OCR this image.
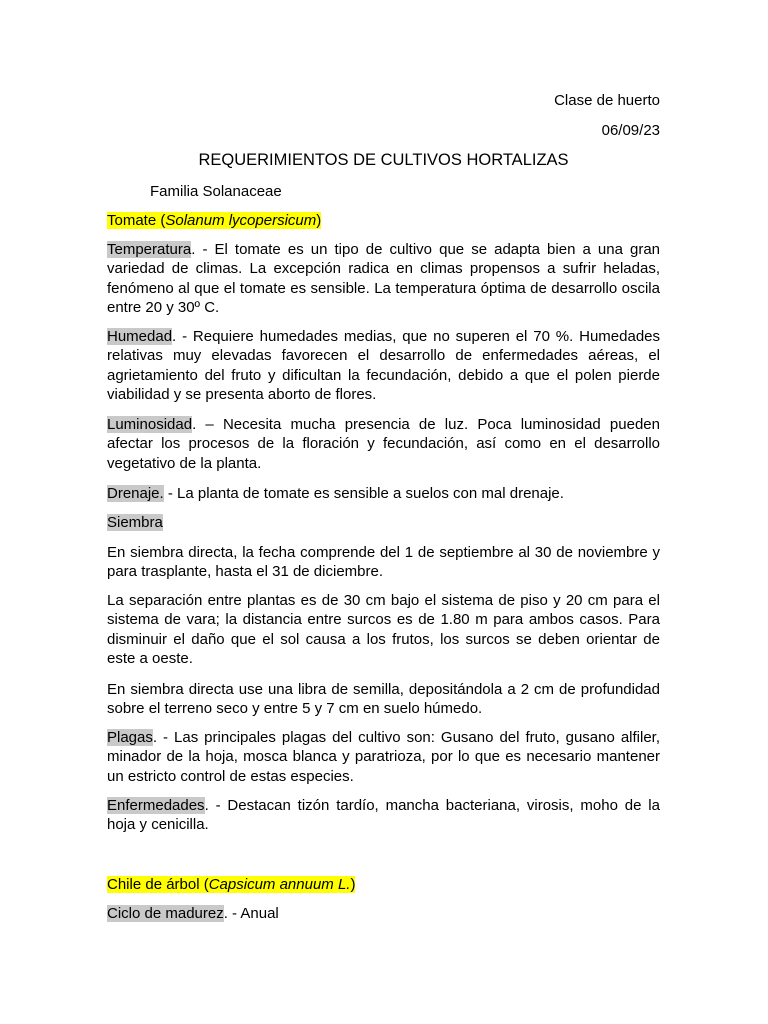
Clase de huerto
06/09/23
REQUERIMIENTOS DE CULTIVOS HORTALIZAS
Familia Solanaceae
Tomate (Solanum lycopersicum)
Temperatura. - El tomate es un tipo de cultivo que se adapta bien a una gran variedad de climas. La excepción radica en climas propensos a sufrir heladas, fenómeno al que el tomate es sensible. La temperatura óptima de desarrollo oscila entre 20 y 30º C.
Humedad. - Requiere humedades medias, que no superen el 70 %. Humedades relativas muy elevadas favorecen el desarrollo de enfermedades aéreas, el agrietamiento del fruto y dificultan la fecundación, debido a que el polen pierde viabilidad y se presenta aborto de flores.
Luminosidad. – Necesita mucha presencia de luz. Poca luminosidad pueden afectar los procesos de la floración y fecundación, así como en el desarrollo vegetativo de la planta.
Drenaje. - La planta de tomate es sensible a suelos con mal drenaje.
Siembra
En siembra directa, la fecha comprende del 1 de septiembre al 30 de noviembre y para trasplante, hasta el 31 de diciembre.
La separación entre plantas es de 30 cm bajo el sistema de piso y 20 cm para el sistema de vara; la distancia entre surcos es de 1.80 m para ambos casos. Para disminuir el daño que el sol causa a los frutos, los surcos se deben orientar de este a oeste.
En siembra directa use una libra de semilla, depositándola a 2 cm de profundidad sobre el terreno seco y entre 5 y 7 cm en suelo húmedo.
Plagas. - Las principales plagas del cultivo son: Gusano del fruto, gusano alfiler, minador de la hoja, mosca blanca y paratrioza, por lo que es necesario mantener un estricto control de estas especies.
Enfermedades. - Destacan tizón tardío, mancha bacteriana, virosis, moho de la hoja y cenicilla.
Chile de árbol (Capsicum annuum L.)
Ciclo de madurez. - Anual
